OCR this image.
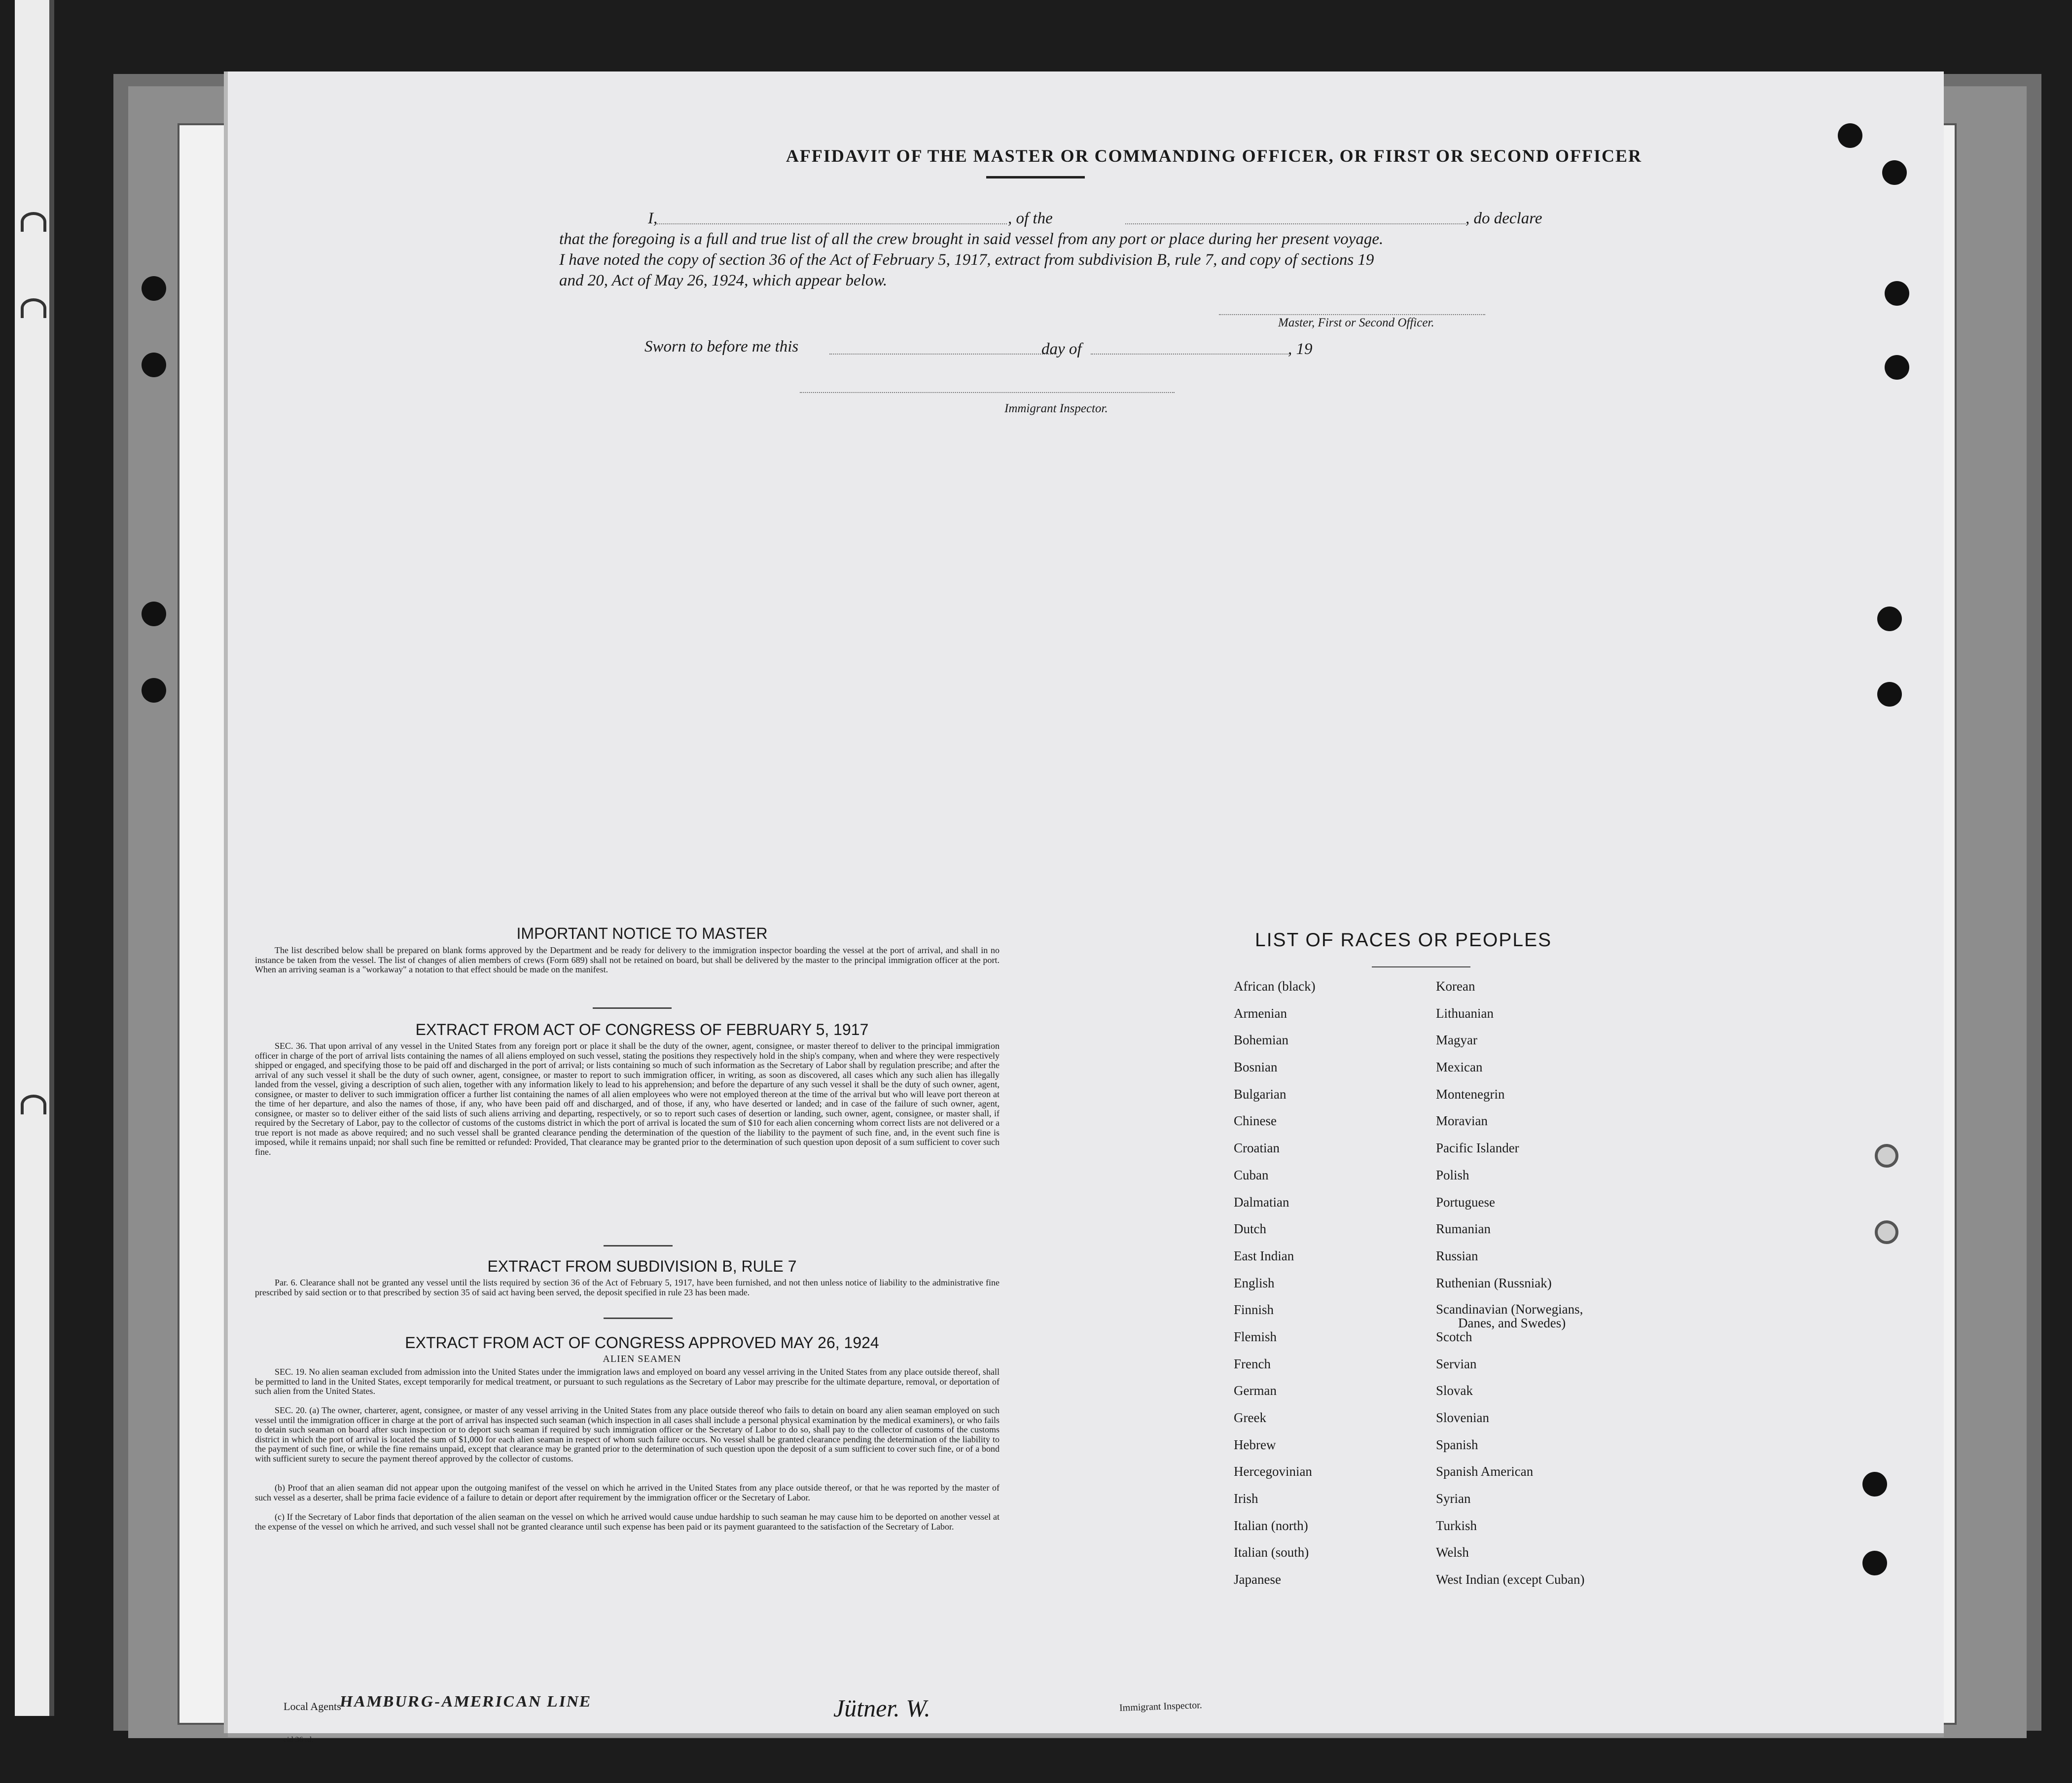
AFFIDAVIT OF THE MASTER OR COMMANDING OFFICER, OR FIRST OR SECOND OFFICER
I,	, of the	, do declare
that the foregoing is a full and true list of all the crew brought in said vessel from any port or place during her present voyage.
I have noted the copy of section 36 of the Act of February 5, 1917, extract from subdivision B, rule 7, and copy of sections 19
and 20, Act of May 26, 1924, which appear below.
Master, First or Second Officer.
Sworn to before me this	day of	, 19
Immigrant Inspector.
IMPORTANT NOTICE TO MASTER
The list described below shall be prepared on blank forms approved by the Department and be ready for delivery to the immigration inspector boarding the vessel at the port of arrival, and shall in no instance be taken from the vessel. The list of changes of alien members of crews (Form 689) shall not be retained on board, but shall be delivered by the master to the principal immigration officer at the port. When an arriving seaman is a "workaway" a notation to that effect should be made on the manifest.
EXTRACT FROM ACT OF CONGRESS OF FEBRUARY 5, 1917
SEC. 36. That upon arrival of any vessel in the United States from any foreign port or place it shall be the duty of the owner, agent, consignee, or master thereof to deliver to the principal immigration officer in charge of the port of arrival lists containing the names of all aliens employed on such vessel, stating the positions they respectively hold in the ship's company, when and where they were respectively shipped or engaged, and specifying those to be paid off and discharged in the port of arrival; or lists containing so much of such information as the Secretary of Labor shall by regulation prescribe; and after the arrival of any such vessel it shall be the duty of such owner, agent, consignee, or master to report to such immigration officer, in writing, as soon as discovered, all cases which any such alien has illegally landed from the vessel, giving a description of such alien, together with any information likely to lead to his apprehension; and before the departure of any such vessel it shall be the duty of such owner, agent, consignee, or master to deliver to such immigration officer a further list containing the names of all alien employees who were not employed thereon at the time of the arrival but who will leave port thereon at the time of her departure, and also the names of those, if any, who have been paid off and discharged, and of those, if any, who have deserted or landed; and in case of the failure of such owner, agent, consignee, or master so to deliver either of the said lists of such aliens arriving and departing, respectively, or so to report such cases of desertion or landing, such owner, agent, consignee, or master shall, if required by the Secretary of Labor, pay to the collector of customs of the customs district in which the port of arrival is located the sum of $10 for each alien concerning whom correct lists are not delivered or a true report is not made as above required; and no such vessel shall be granted clearance pending the determination of the question of the liability to the payment of such fine, and, in the event such fine is imposed, while it remains unpaid; nor shall such fine be remitted or refunded: Provided, That clearance may be granted prior to the determination of such question upon deposit of a sum sufficient to cover such fine.
EXTRACT FROM SUBDIVISION B, RULE 7
Par. 6. Clearance shall not be granted any vessel until the lists required by section 36 of the Act of February 5, 1917, have been furnished, and not then unless notice of liability to the administrative fine prescribed by said section or to that prescribed by section 35 of said act having been served, the deposit specified in rule 23 has been made.
EXTRACT FROM ACT OF CONGRESS APPROVED MAY 26, 1924
ALIEN SEAMEN
SEC. 19. No alien seaman excluded from admission into the United States under the immigration laws and employed on board any vessel arriving in the United States from any place outside thereof, shall be permitted to land in the United States, except temporarily for medical treatment, or pursuant to such regulations as the Secretary of Labor may prescribe for the ultimate departure, removal, or deportation of such alien from the United States.
SEC. 20. (a) The owner, charterer, agent, consignee, or master of any vessel arriving in the United States from any place outside thereof who fails to detain on board any alien seaman employed on such vessel until the immigration officer in charge at the port of arrival has inspected such seaman (which inspection in all cases shall include a personal physical examination by the medical examiners), or who fails to detain such seaman on board after such inspection or to deport such seaman if required by such immigration officer or the Secretary of Labor to do so, shall pay to the collector of customs of the customs district in which the port of arrival is located the sum of $1,000 for each alien seaman in respect of whom such failure occurs. No vessel shall be granted clearance pending the determination of the liability to the payment of such fine, or while the fine remains unpaid, except that clearance may be granted prior to the determination of such question upon the deposit of a sum sufficient to cover such fine, or of a bond with sufficient surety to secure the payment thereof approved by the collector of customs.
(b) Proof that an alien seaman did not appear upon the outgoing manifest of the vessel on which he arrived in the United States from any place outside thereof, or that he was reported by the master of such vessel as a deserter, shall be prima facie evidence of a failure to detain or deport after requirement by the immigration officer or the Secretary of Labor.
(c) If the Secretary of Labor finds that deportation of the alien seaman on the vessel on which he arrived would cause undue hardship to such seaman he may cause him to be deported on another vessel at the expense of the vessel on which he arrived, and such vessel shall not be granted clearance until such expense has been paid or its payment guaranteed to the satisfaction of the Secretary of Labor.
LIST OF RACES OR PEOPLES
African (black)
Armenian
Bohemian
Bosnian
Bulgarian
Chinese
Croatian
Cuban
Dalmatian
Dutch
East Indian
English
Finnish
Flemish
French
German
Greek
Hebrew
Hercegovinian
Irish
Italian (north)
Italian (south)
Japanese
Korean
Lithuanian
Magyar
Mexican
Montenegrin
Moravian
Pacific Islander
Polish
Portuguese
Rumanian
Russian
Ruthenian (Russniak)
Scandinavian (Norwegians,
Danes, and Swedes)
Scotch
Servian
Slovak
Slovenian
Spanish
Spanish American
Syrian
Turkish
Welsh
West Indian (except Cuban)
Local Agents
HAMBURG-AMERICAN LINE	Jütner. W.	Immigrant Inspector.
eid 36 rd.
